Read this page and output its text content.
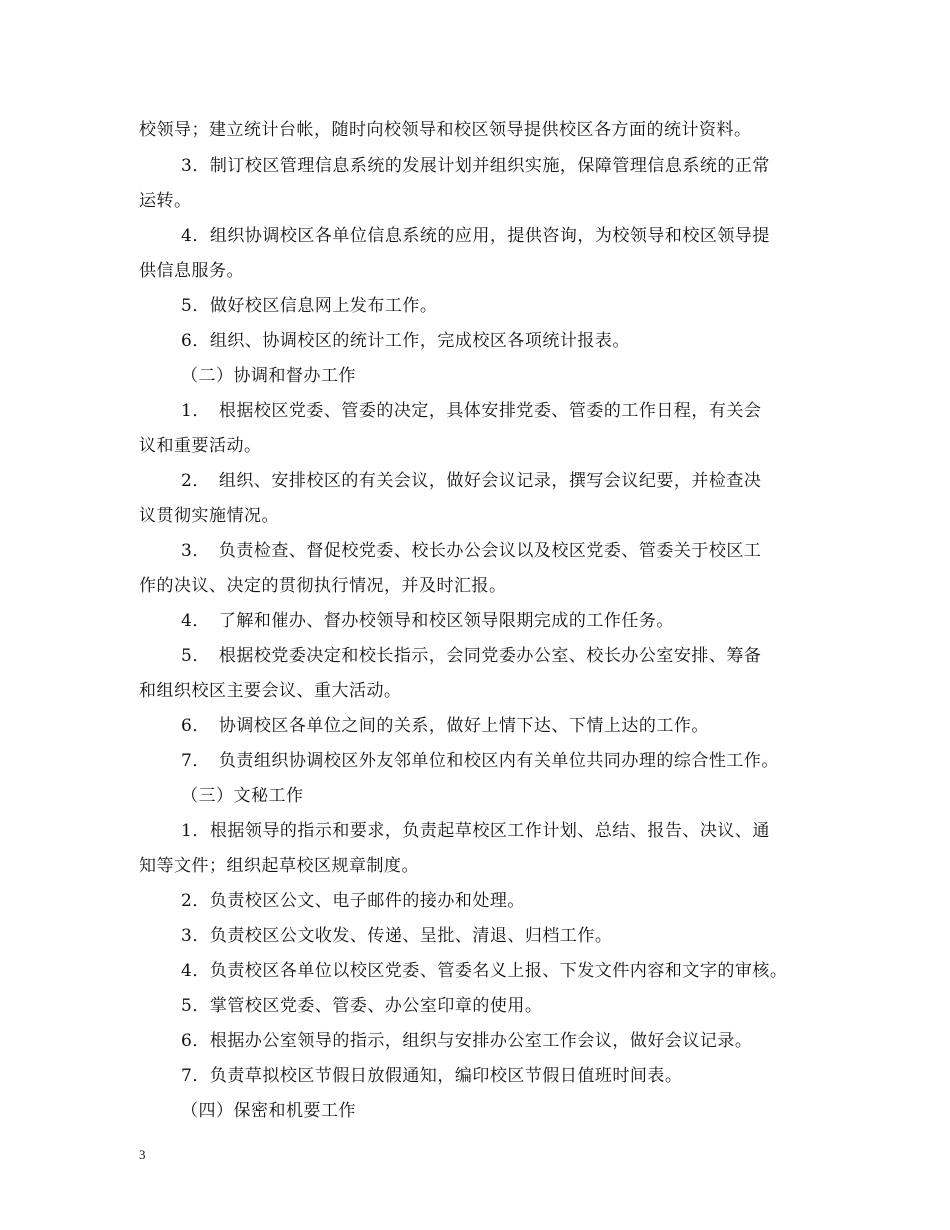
校领导；建立统计台帐，随时向校领导和校区领导提供校区各方面的统计资料。
3．制订校区管理信息系统的发展计划并组织实施，保障管理信息系统的正常
运转。
4．组织协调校区各单位信息系统的应用，提供咨询，为校领导和校区领导提
供信息服务。
5．做好校区信息网上发布工作。
6．组织、协调校区的统计工作，完成校区各项统计报表。
（二）协调和督办工作
1．　根据校区党委、管委的决定，具体安排党委、管委的工作日程，有关会
议和重要活动。
2．　组织、安排校区的有关会议，做好会议记录，撰写会议纪要，并检查决
议贯彻实施情况。
3．　负责检查、督促校党委、校长办公会议以及校区党委、管委关于校区工
作的决议、决定的贯彻执行情况，并及时汇报。
4．　了解和催办、督办校领导和校区领导限期完成的工作任务。
5．　根据校党委决定和校长指示，会同党委办公室、校长办公室安排、筹备
和组织校区主要会议、重大活动。
6．　协调校区各单位之间的关系，做好上情下达、下情上达的工作。
7．　负责组织协调校区外友邻单位和校区内有关单位共同办理的综合性工作。
（三）文秘工作
1．根据领导的指示和要求，负责起草校区工作计划、总结、报告、决议、通
知等文件；组织起草校区规章制度。
2．负责校区公文、电子邮件的接办和处理。
3．负责校区公文收发、传递、呈批、清退、归档工作。
4．负责校区各单位以校区党委、管委名义上报、下发文件内容和文字的审核。
5．掌管校区党委、管委、办公室印章的使用。
6．根据办公室领导的指示，组织与安排办公室工作会议，做好会议记录。
7．负责草拟校区节假日放假通知，编印校区节假日值班时间表。
（四）保密和机要工作
3
